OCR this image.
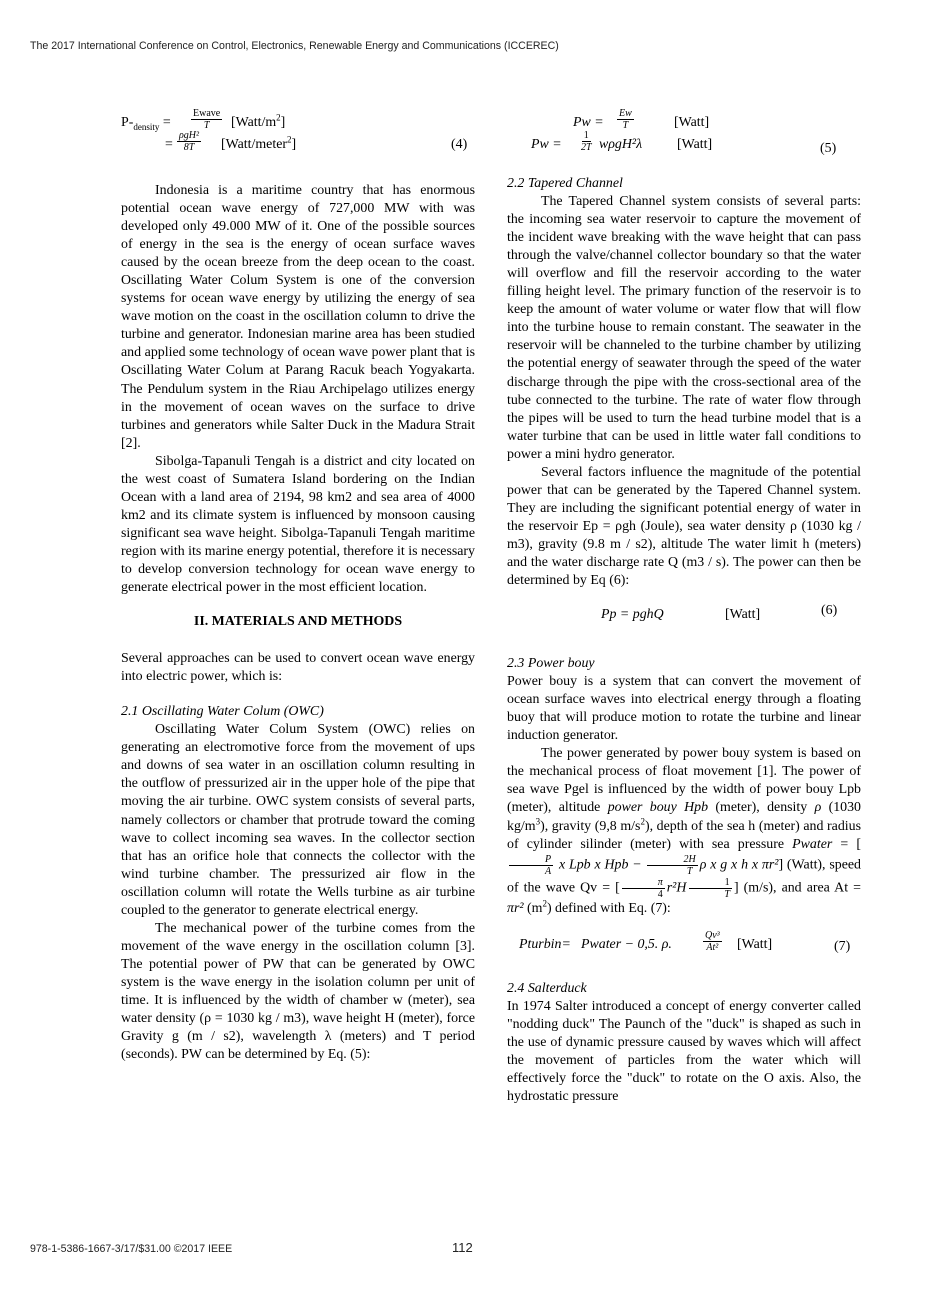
The 2017 International Conference on Control, Electronics, Renewable Energy and Communications (ICCEREC)
$P-_{density} = \frac{\text{Ewave}}{T}$ $[Watt/m^2]$
= $\frac{\text{ρgH²}}{8T}$ [Watt/meter$^2$]	(4)

Indonesia is a maritime country that has enormous potential ocean wave energy of 727,000 MW with was developed only 49.000 MW of it. One of the possible sources of energy in the sea is the energy of ocean surface waves caused by the ocean breeze from the deep ocean to the coast. Oscillating Water Colum System is one of the conversion systems for ocean wave energy by utilizing the energy of sea wave motion on the coast in the oscillation column to drive the turbine and generator. Indonesian marine area has been studied and applied some technology of ocean wave power plant that is Oscillating Water Colum at Parang Racuk beach Yogyakarta. The Pendulum system in the Riau Archipelago utilizes energy in the movement of ocean waves on the surface to drive turbines and generators while Salter Duck in the Madura Strait [2].

Sibolga-Tapanuli Tengah is a district and city located on the west coast of Sumatera Island bordering on the Indian Ocean with a land area of 2194, 98 km2 and sea area of 4000 km2 and its climate system is influenced by monsoon causing significant sea wave height. Sibolga-Tapanuli Tengah maritime region with its marine energy potential, therefore it is necessary to develop conversion technology for ocean wave energy to generate electrical power in the most efficient location.

II. MATERIALS AND METHODS

Several approaches can be used to convert ocean wave energy into electric power, which is:

2.1 Oscillating Water Colum (OWC)

Oscillating Water Colum System (OWC) relies on generating an electromotive force from the movement of ups and downs of sea water in an oscillation column resulting in the outflow of pressurized air in the upper hole of the pipe that moving the air turbine. OWC system consists of several parts, namely collectors or chamber that protrude toward the coming wave to collect incoming sea waves. In the collector section that has an orifice hole that connects the collector with the wind turbine chamber. The pressurized air flow in the oscillation column will rotate the Wells turbine as air turbine coupled to the generator to generate electrical energy.

The mechanical power of the turbine comes from the movement of the wave energy in the oscillation column [3]. The potential power of PW that can be generated by OWC system is the wave energy in the isolation column per unit of time. It is influenced by the width of chamber w (meter), sea water density (ρ = 1030 kg / m3), wave height H (meter), force Gravity g (m / s2), wavelength λ (meters) and T period (seconds). PW can be determined by Eq. (5):

$Pw = \frac{Ew}{T}$	[Watt]
$Pw = \frac{1}{2T} w\rho gH^2\lambda$	[Watt]	(5)

2.2 Tapered Channel

The Tapered Channel system consists of several parts: the incoming sea water reservoir to capture the movement of the incident wave breaking with the wave height that can pass through the valve/channel collector boundary so that the water will overflow and fill the reservoir according to the water filling height level. The primary function of the reservoir is to keep the amount of water volume or water flow that will flow into the turbine house to remain constant. The seawater in the reservoir will be channeled to the turbine chamber by utilizing the potential energy of seawater through the speed of the water discharge through the pipe with the cross-sectional area of the tube connected to the turbine. The rate of water flow through the pipes will be used to turn the head turbine model that is a water turbine that can be used in little water fall conditions to power a mini hydro generator.

Several factors influence the magnitude of the potential power that can be generated by the Tapered Channel system. They are including the significant potential energy of water in the reservoir Ep = ρgh (Joule), sea water density ρ (1030 kg / m3), gravity (9.8 m / s2), altitude The water limit h (meters) and the water discharge rate Q (m3 / s). The power can then be determined by Eq (6):

Pp = pghQ	[Watt]	(6)

2.3 Power bouy

Power bouy is a system that can convert the movement of ocean surface waves into electrical energy through a floating buoy that will produce motion to rotate the turbine and linear induction generator.

The power generated by power bouy system is based on the mechanical process of float movement [1]. The power of sea wave Pgel is influenced by the width of power bouy Lpb (meter), altitude power bouy Hpb (meter), density ρ (1030 $kg/m^3$), gravity (9,8 $m/s^2$), depth of the sea h (meter) and radius of cylinder silinder (meter) with sea pressure Pwater = [
$\frac{P}{A}$ x Lpb x Hpb − $\frac{2H}{T}$ ρ x g x h x πr²] (Watt), speed of the wave Qv = [ $\frac{\pi}{4} r^2H \frac{1}{T}$ ] (m/s), and area At = πr² $(m^2)$ defined with Eq. (7):

Pturbin= Pwater − 0,5. ρ.	$\frac{\text{Qv³}}{\text{At²}}$ [Watt]	(7)

2.4 Salterduck

In 1974 Salter introduced a concept of energy converter called "nodding duck" The Paunch of the "duck" is shaped as such in the use of dynamic pressure caused by waves which will affect the movement of particles from the water which will effectively force the "duck" to rotate on the O axis. Also, the hydrostatic pressure

978-1-5386-1667-3/17/$31.00 ©2017 IEEE	112
